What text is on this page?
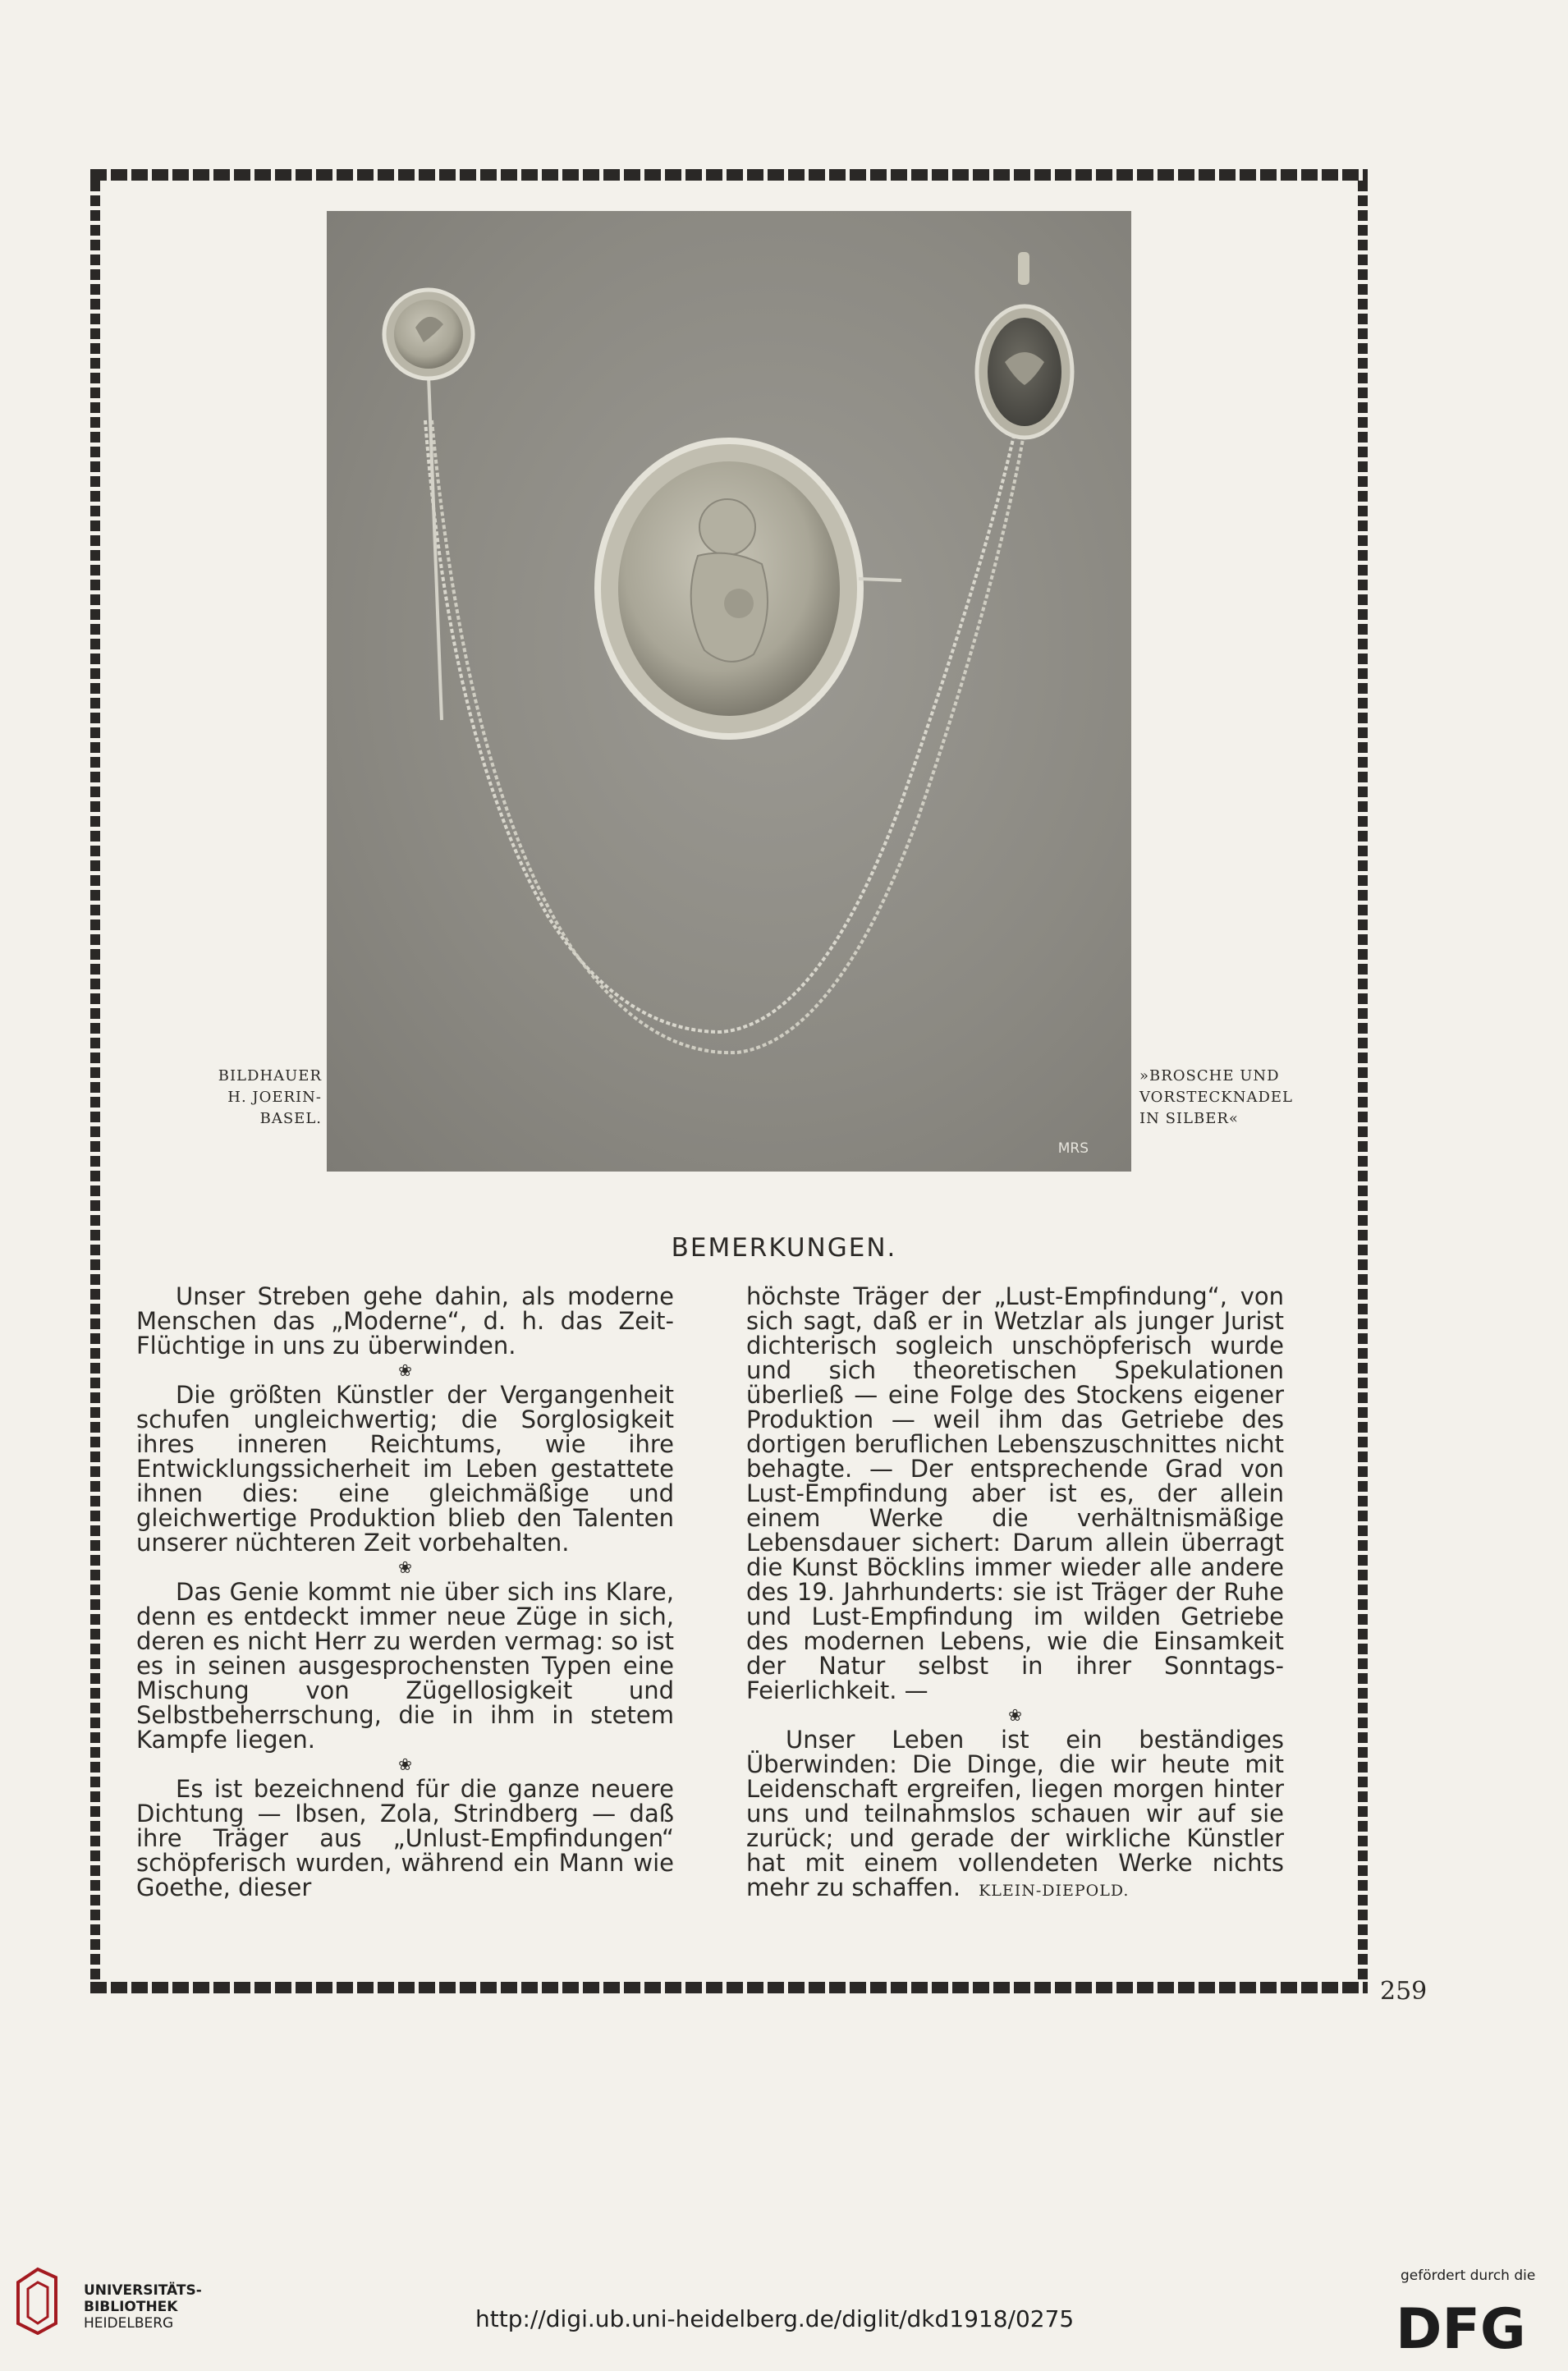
MRS
BILDHAUER
H. JOERIN-
BASEL.
»BROSCHE UND
VORSTECKNADEL
IN SILBER«
BEMERKUNGEN.

Unser Streben gehe dahin, als moderne Menschen das „Moderne“, d. h. das Zeit-Flüchtige in uns zu überwinden.

❀

Die größten Künstler der Vergangenheit schufen ungleichwertig; die Sorglosigkeit ihres inneren Reichtums, wie ihre Entwicklungssicherheit im Leben gestattete ihnen dies: eine gleichmäßige und gleichwertige Produktion blieb den Talenten unserer nüchteren Zeit vorbehalten.

❀

Das Genie kommt nie über sich ins Klare, denn es entdeckt immer neue Züge in sich, deren es nicht Herr zu werden vermag: so ist es in seinen ausgesprochensten Typen eine Mischung von Zügellosigkeit und Selbstbeherrschung, die in ihm in stetem Kampfe liegen.

❀

Es ist bezeichnend für die ganze neuere Dichtung — Ibsen, Zola, Strindberg — daß ihre Träger aus „Unlust-Empfindungen“ schöpferisch wurden, während ein Mann wie Goethe, dieser

höchste Träger der „Lust-Empfindung“, von sich sagt, daß er in Wetzlar als junger Jurist dichterisch sogleich unschöpferisch wurde und sich theoretischen Spekulationen überließ — eine Folge des Stockens eigener Produktion — weil ihm das Getriebe des dortigen beruflichen Lebenszuschnittes nicht behagte. — Der entsprechende Grad von Lust-Empfindung aber ist es, der allein einem Werke die verhältnismäßige Lebensdauer sichert: Darum allein überragt die Kunst Böcklins immer wieder alle andere des 19. Jahrhunderts: sie ist Träger der Ruhe und Lust-Empfindung im wilden Getriebe des modernen Lebens, wie die Einsamkeit der Natur selbst in ihrer Sonntags-Feierlichkeit. —

❀

Unser Leben ist ein beständiges Überwinden: Die Dinge, die wir heute mit Leidenschaft ergreifen, liegen morgen hinter uns und teilnahmslos schauen wir auf sie zurück; und gerade der wirkliche Künstler hat mit einem vollendeten Werke nichts mehr zu schaffen. KLEIN-DIEPOLD.

259
UNIVERSITÄTS-
BIBLIOTHEK
HEIDELBERG	http://digi.ub.uni-heidelberg.de/diglit/dkd1918/0275
gefördert durch die
DFG
